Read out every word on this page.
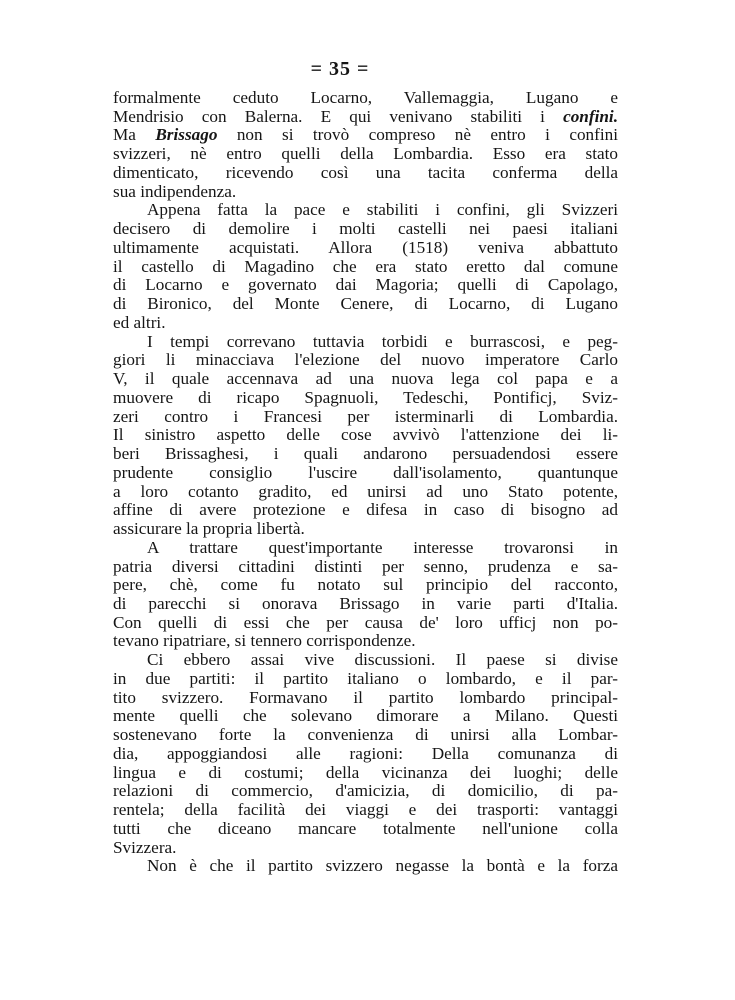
= 35 =
formalmente ceduto Locarno, Vallemaggia, Lugano e
Mendrisio con Balerna. E qui venivano stabiliti i confini.
Ma Brissago non si trovò compreso nè entro i confini
svizzeri, nè entro quelli della Lombardia. Esso era stato
dimenticato, ricevendo così una tacita conferma della
sua indipendenza.
Appena fatta la pace e stabiliti i confini, gli Svizzeri
decisero di demolire i molti castelli nei paesi italiani
ultimamente acquistati. Allora (1518) veniva abbattuto
il castello di Magadino che era stato eretto dal comune
di Locarno e governato dai Magoria; quelli di Capolago,
di Bironico, del Monte Cenere, di Locarno, di Lugano
ed altri.
I tempi correvano tuttavia torbidi e burrascosi, e peg-
giori li minacciava l'elezione del nuovo imperatore Carlo
V, il quale accennava ad una nuova lega col papa e a
muovere di ricapo Spagnuoli, Tedeschi, Pontificj, Sviz-
zeri contro i Francesi per isterminarli di Lombardia.
Il sinistro aspetto delle cose avvivò l'attenzione dei li-
beri Brissaghesi, i quali andarono persuadendosi essere
prudente consiglio l'uscire dall'isolamento, quantunque
a loro cotanto gradito, ed unirsi ad uno Stato potente,
affine di avere protezione e difesa in caso di bisogno ad
assicurare la propria libertà.
A trattare quest'importante interesse trovaronsi in
patria diversi cittadini distinti per senno, prudenza e sa-
pere, chè, come fu notato sul principio del racconto,
di parecchi si onorava Brissago in varie parti d'Italia.
Con quelli di essi che per causa de' loro ufficj non po-
tevano ripatriare, si tennero corrispondenze.
Ci ebbero assai vive discussioni. Il paese si divise
in due partiti: il partito italiano o lombardo, e il par-
tito svizzero. Formavano il partito lombardo principal-
mente quelli che solevano dimorare a Milano. Questi
sostenevano forte la convenienza di unirsi alla Lombar-
dia, appoggiandosi alle ragioni: Della comunanza di
lingua e di costumi; della vicinanza dei luoghi; delle
relazioni di commercio, d'amicizia, di domicilio, di pa-
rentela; della facilità dei viaggi e dei trasporti: vantaggi
tutti che diceano mancare totalmente nell'unione colla
Svizzera.
Non è che il partito svizzero negasse la bontà e la forza
